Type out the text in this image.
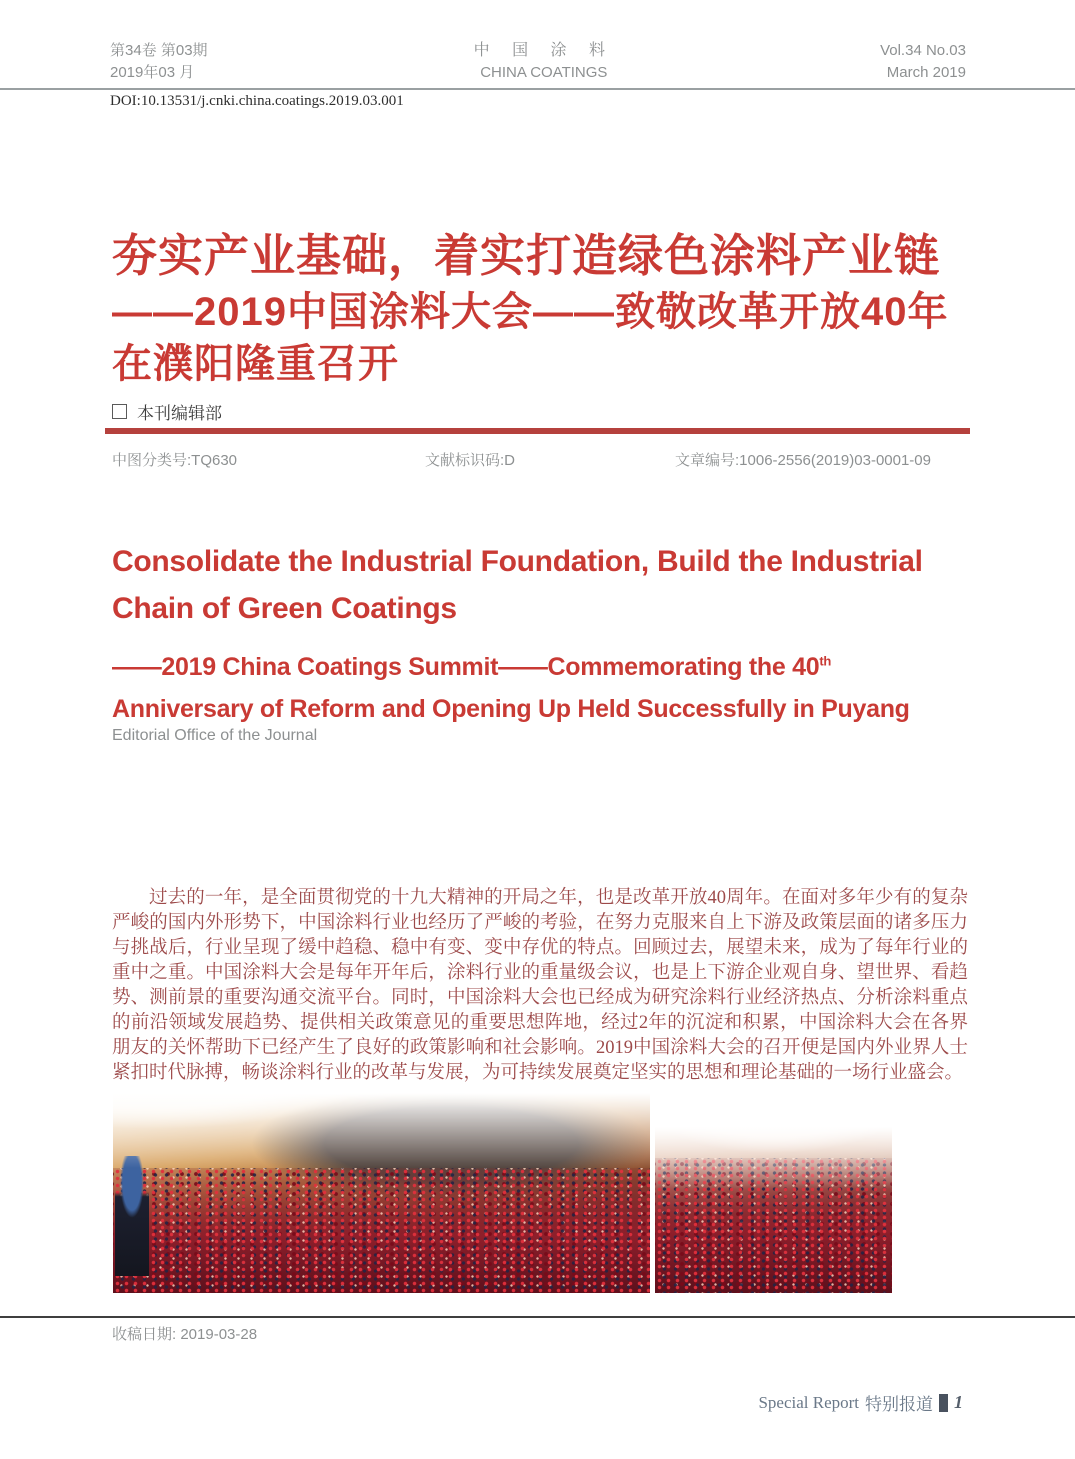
第34卷 第03期
2019年03 月
中 国 涂 料
CHINA COATINGS
Vol.34 No.03
March 2019
DOI:10.13531/j.cnki.china.coatings.2019.03.001
夯实产业基础，着实打造绿色涂料产业链
——2019中国涂料大会——致敬改革开放40年
在濮阳隆重召开
本刊编辑部
中图分类号:TQ630	文献标识码:D	文章编号:1006-2556(2019)03-0001-09
Consolidate the Industrial Foundation, Build the Industrial
Chain of Green Coatings
——2019 China Coatings Summit——Commemorating the 40th
Anniversary of Reform and Opening Up Held Successfully in Puyang
Editorial Office of the Journal
过去的一年，是全面贯彻党的十九大精神的开局之年，也是改革开放40周年。在面对多年少有的复杂严峻的国内外形势下，中国涂料行业也经历了严峻的考验，在努力克服来自上下游及政策层面的诸多压力与挑战后，行业呈现了缓中趋稳、稳中有变、变中存优的特点。回顾过去，展望未来，成为了每年行业的重中之重。中国涂料大会是每年开年后，涂料行业的重量级会议，也是上下游企业观自身、望世界、看趋势、测前景的重要沟通交流平台。同时，中国涂料大会也已经成为研究涂料行业经济热点、分析涂料重点的前沿领域发展趋势、提供相关政策意见的重要思想阵地，经过2年的沉淀和积累，中国涂料大会在各界朋友的关怀帮助下已经产生了良好的政策影响和社会影响。2019中国涂料大会的召开便是国内外业界人士紧扣时代脉搏，畅谈涂料行业的改革与发展，为可持续发展奠定坚实的思想和理论基础的一场行业盛会。
收稿日期: 2019-03-28
Special Report 特别报道 1
